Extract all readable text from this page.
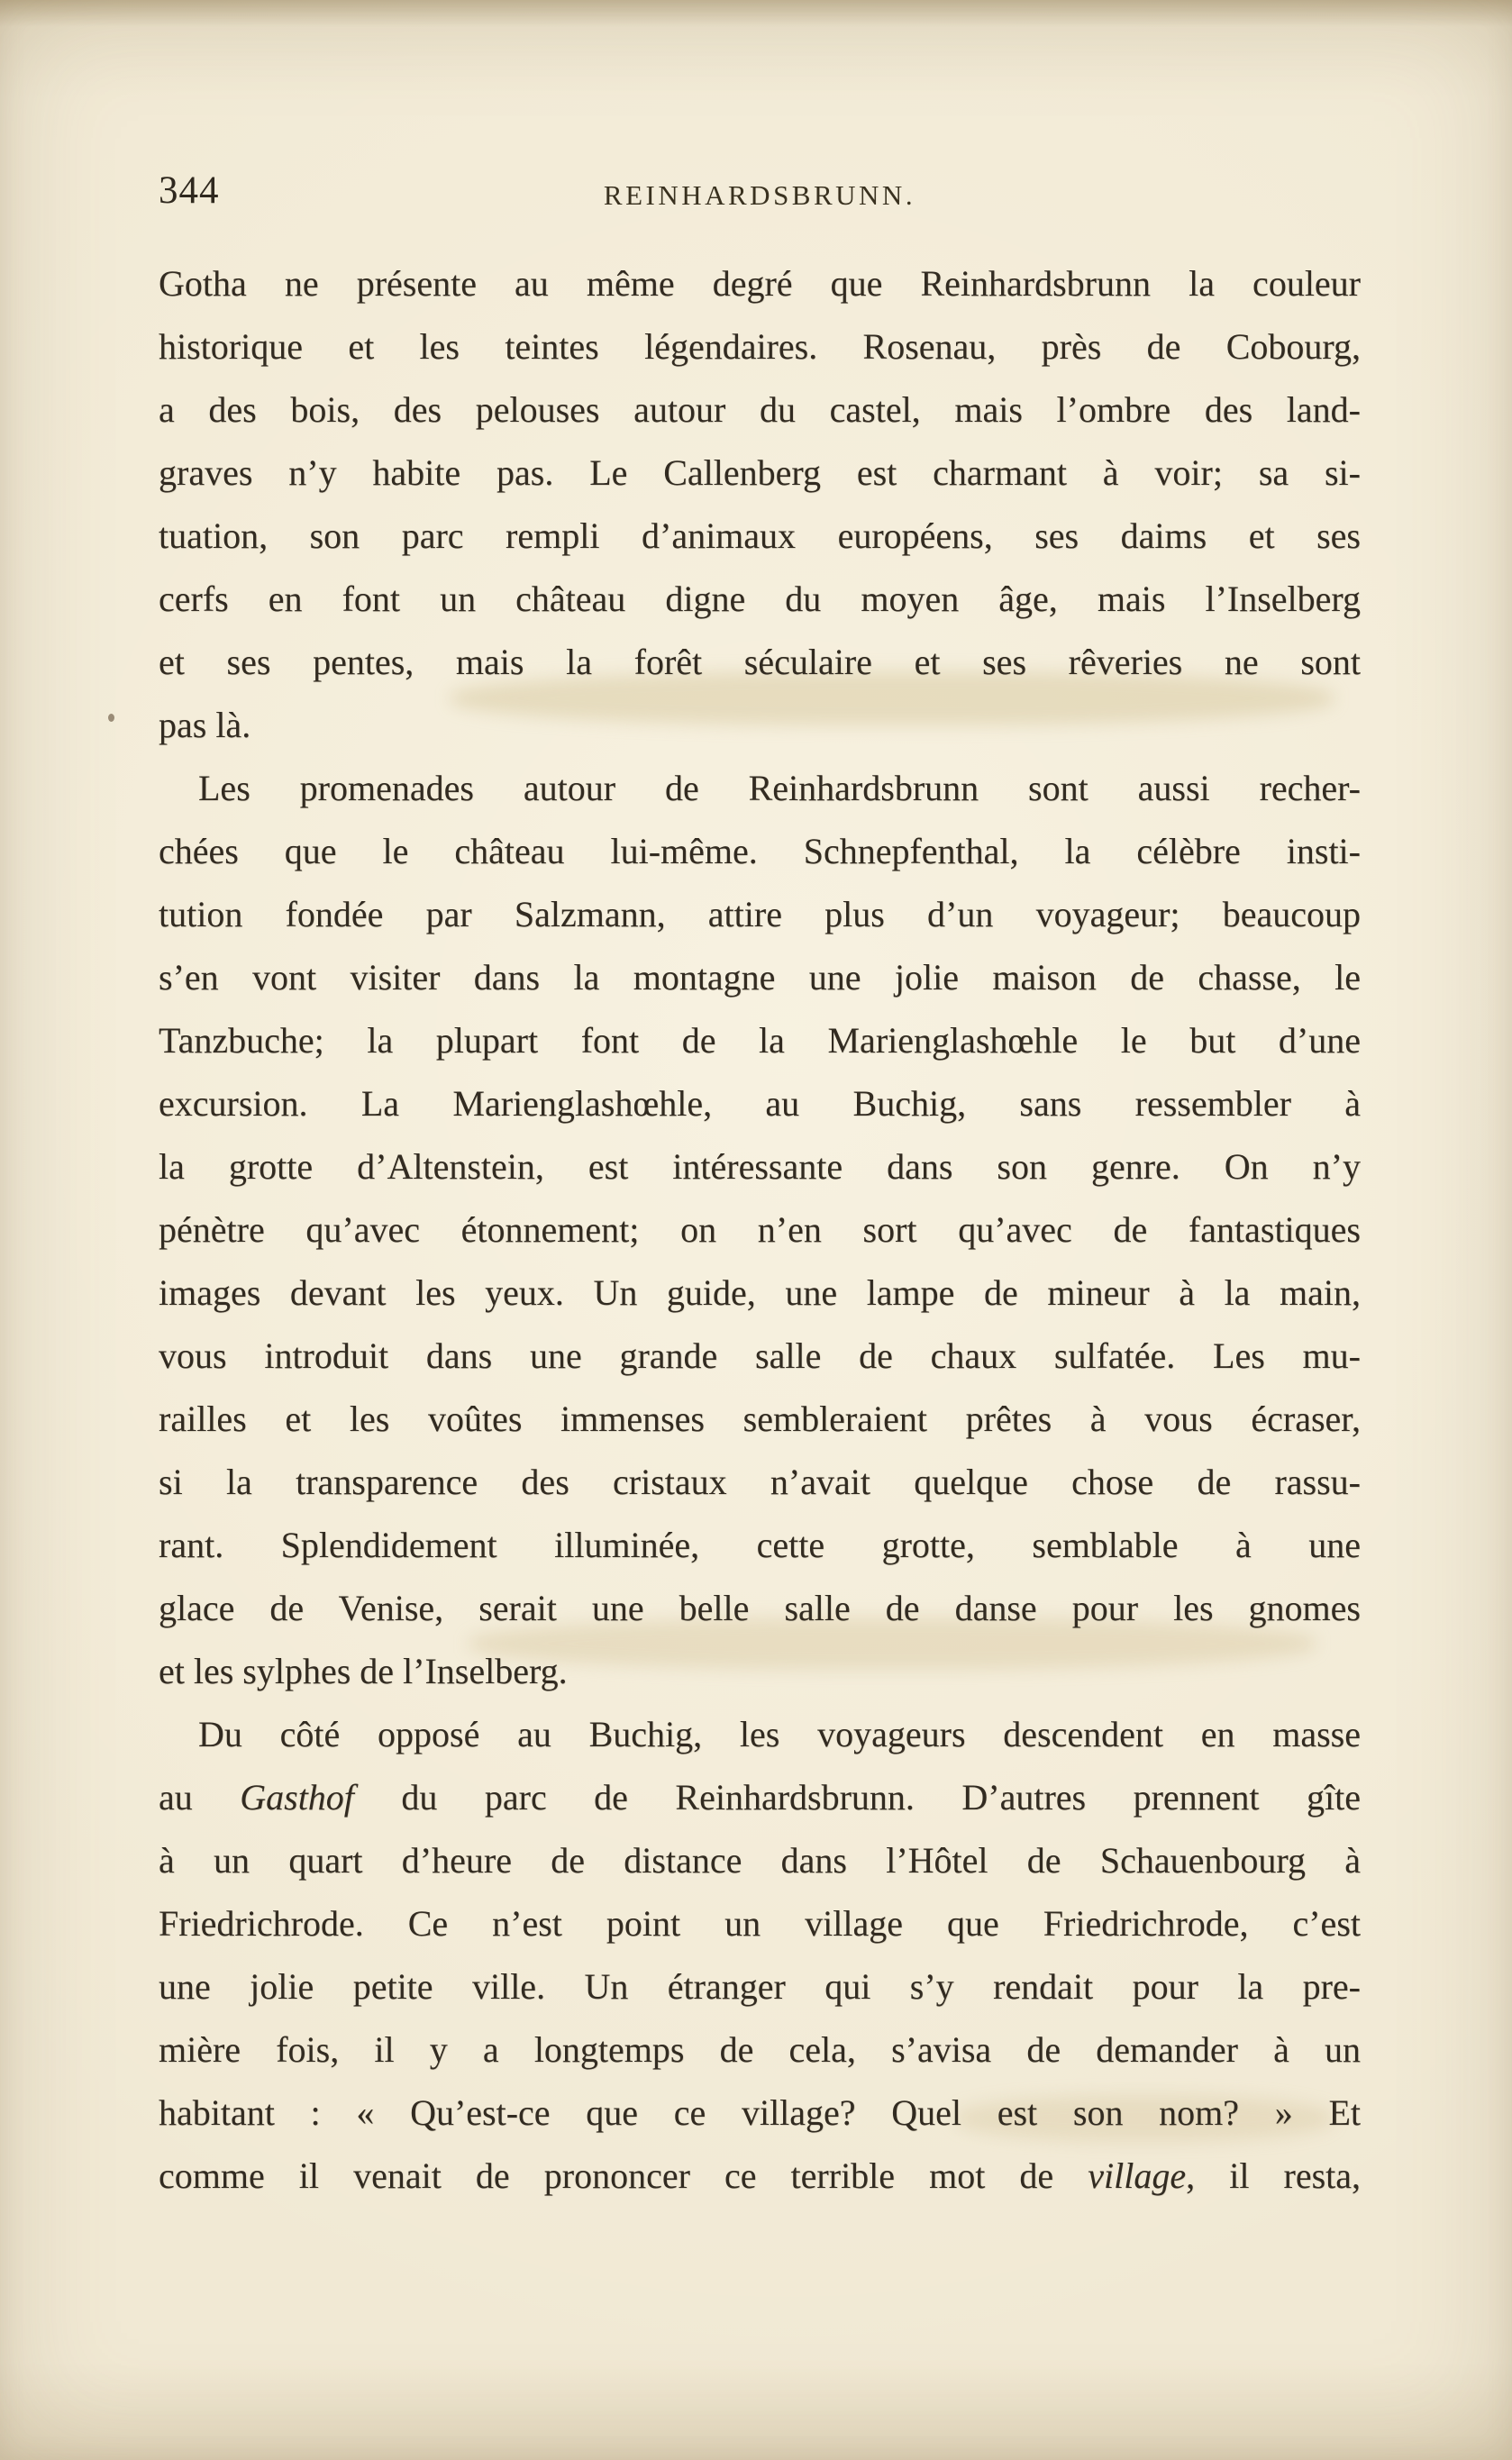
344	REINHARDSBRUNN.
Gotha ne présente au même degré que Reinhardsbrunn la couleur
historique et les teintes légendaires. Rosenau, près de Cobourg,
a des bois, des pelouses autour du castel, mais l’ombre des land-
graves n’y habite pas. Le Callenberg est charmant à voir; sa si-
tuation, son parc rempli d’animaux européens, ses daims et ses
cerfs en font un château digne du moyen âge, mais l’Inselberg
et ses pentes, mais la forêt séculaire et ses rêveries ne sont
pas là.
Les promenades autour de Reinhardsbrunn sont aussi recher-
chées que le château lui-même. Schnepfenthal, la célèbre insti-
tution fondée par Salzmann, attire plus d’un voyageur; beaucoup
s’en vont visiter dans la montagne une jolie maison de chasse, le
Tanzbuche; la plupart font de la Marienglashœhle le but d’une
excursion. La Marienglashœhle, au Buchig, sans ressembler à
la grotte d’Altenstein, est intéressante dans son genre. On n’y
pénètre qu’avec étonnement; on n’en sort qu’avec de fantastiques
images devant les yeux. Un guide, une lampe de mineur à la main,
vous introduit dans une grande salle de chaux sulfatée. Les mu-
railles et les voûtes immenses sembleraient prêtes à vous écraser,
si la transparence des cristaux n’avait quelque chose de rassu-
rant. Splendidement illuminée, cette grotte, semblable à une
glace de Venise, serait une belle salle de danse pour les gnomes
et les sylphes de l’Inselberg.
Du côté opposé au Buchig, les voyageurs descendent en masse
au Gasthof du parc de Reinhardsbrunn. D’autres prennent gîte
à un quart d’heure de distance dans l’Hôtel de Schauenbourg à
Friedrichrode. Ce n’est point un village que Friedrichrode, c’est
une jolie petite ville. Un étranger qui s’y rendait pour la pre-
mière fois, il y a longtemps de cela, s’avisa de demander à un
habitant : « Qu’est-ce que ce village? Quel est son nom? » Et
comme il venait de prononcer ce terrible mot de village, il resta,
